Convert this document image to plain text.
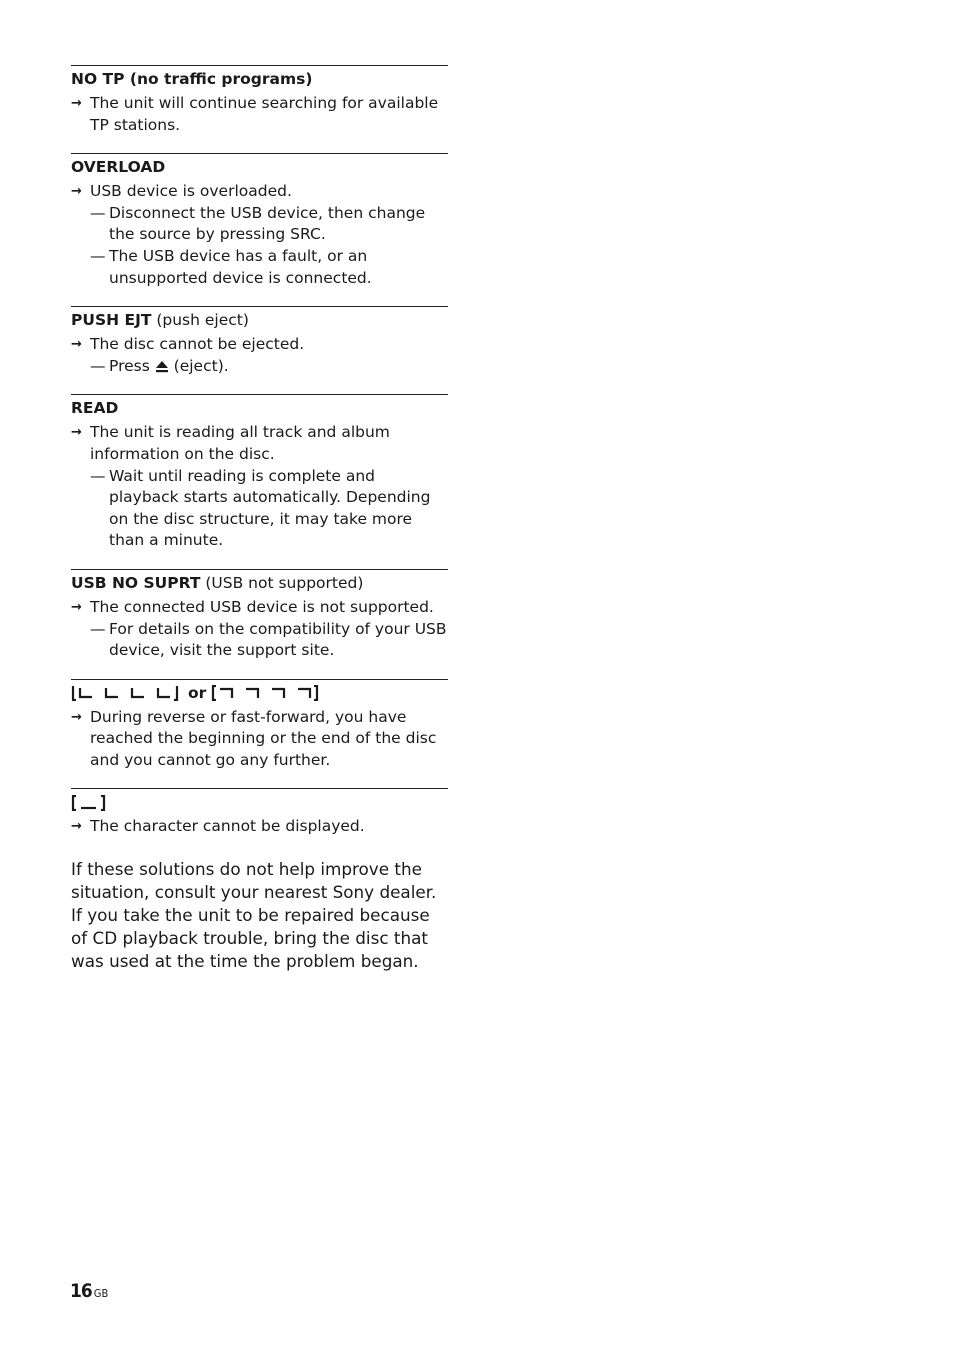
NO TP (no traffic programs)
→ The unit will continue searching for available TP stations.
OVERLOAD
→ USB device is overloaded.
— Disconnect the USB device, then change the source by pressing SRC.
— The USB device has a fault, or an unsupported device is connected.
PUSH EJT (push eject)
→ The disc cannot be ejected.
— Press (eject).
READ
→ The unit is reading all track and album information on the disc.
— Wait until reading is complete and playback starts automatically. Depending on the disc structure, it may take more than a minute.
USB NO SUPRT (USB not supported)
→ The connected USB device is not supported.
— For details on the compatibility of your USB device, visit the support site.
or
→ During reverse or fast-forward, you have reached the beginning or the end of the disc and you cannot go any further.
→ The character cannot be displayed.

If these solutions do not help improve the situation, consult your nearest Sony dealer. If you take the unit to be repaired because of CD playback trouble, bring the disc that was used at the time the problem began.

16 GB
